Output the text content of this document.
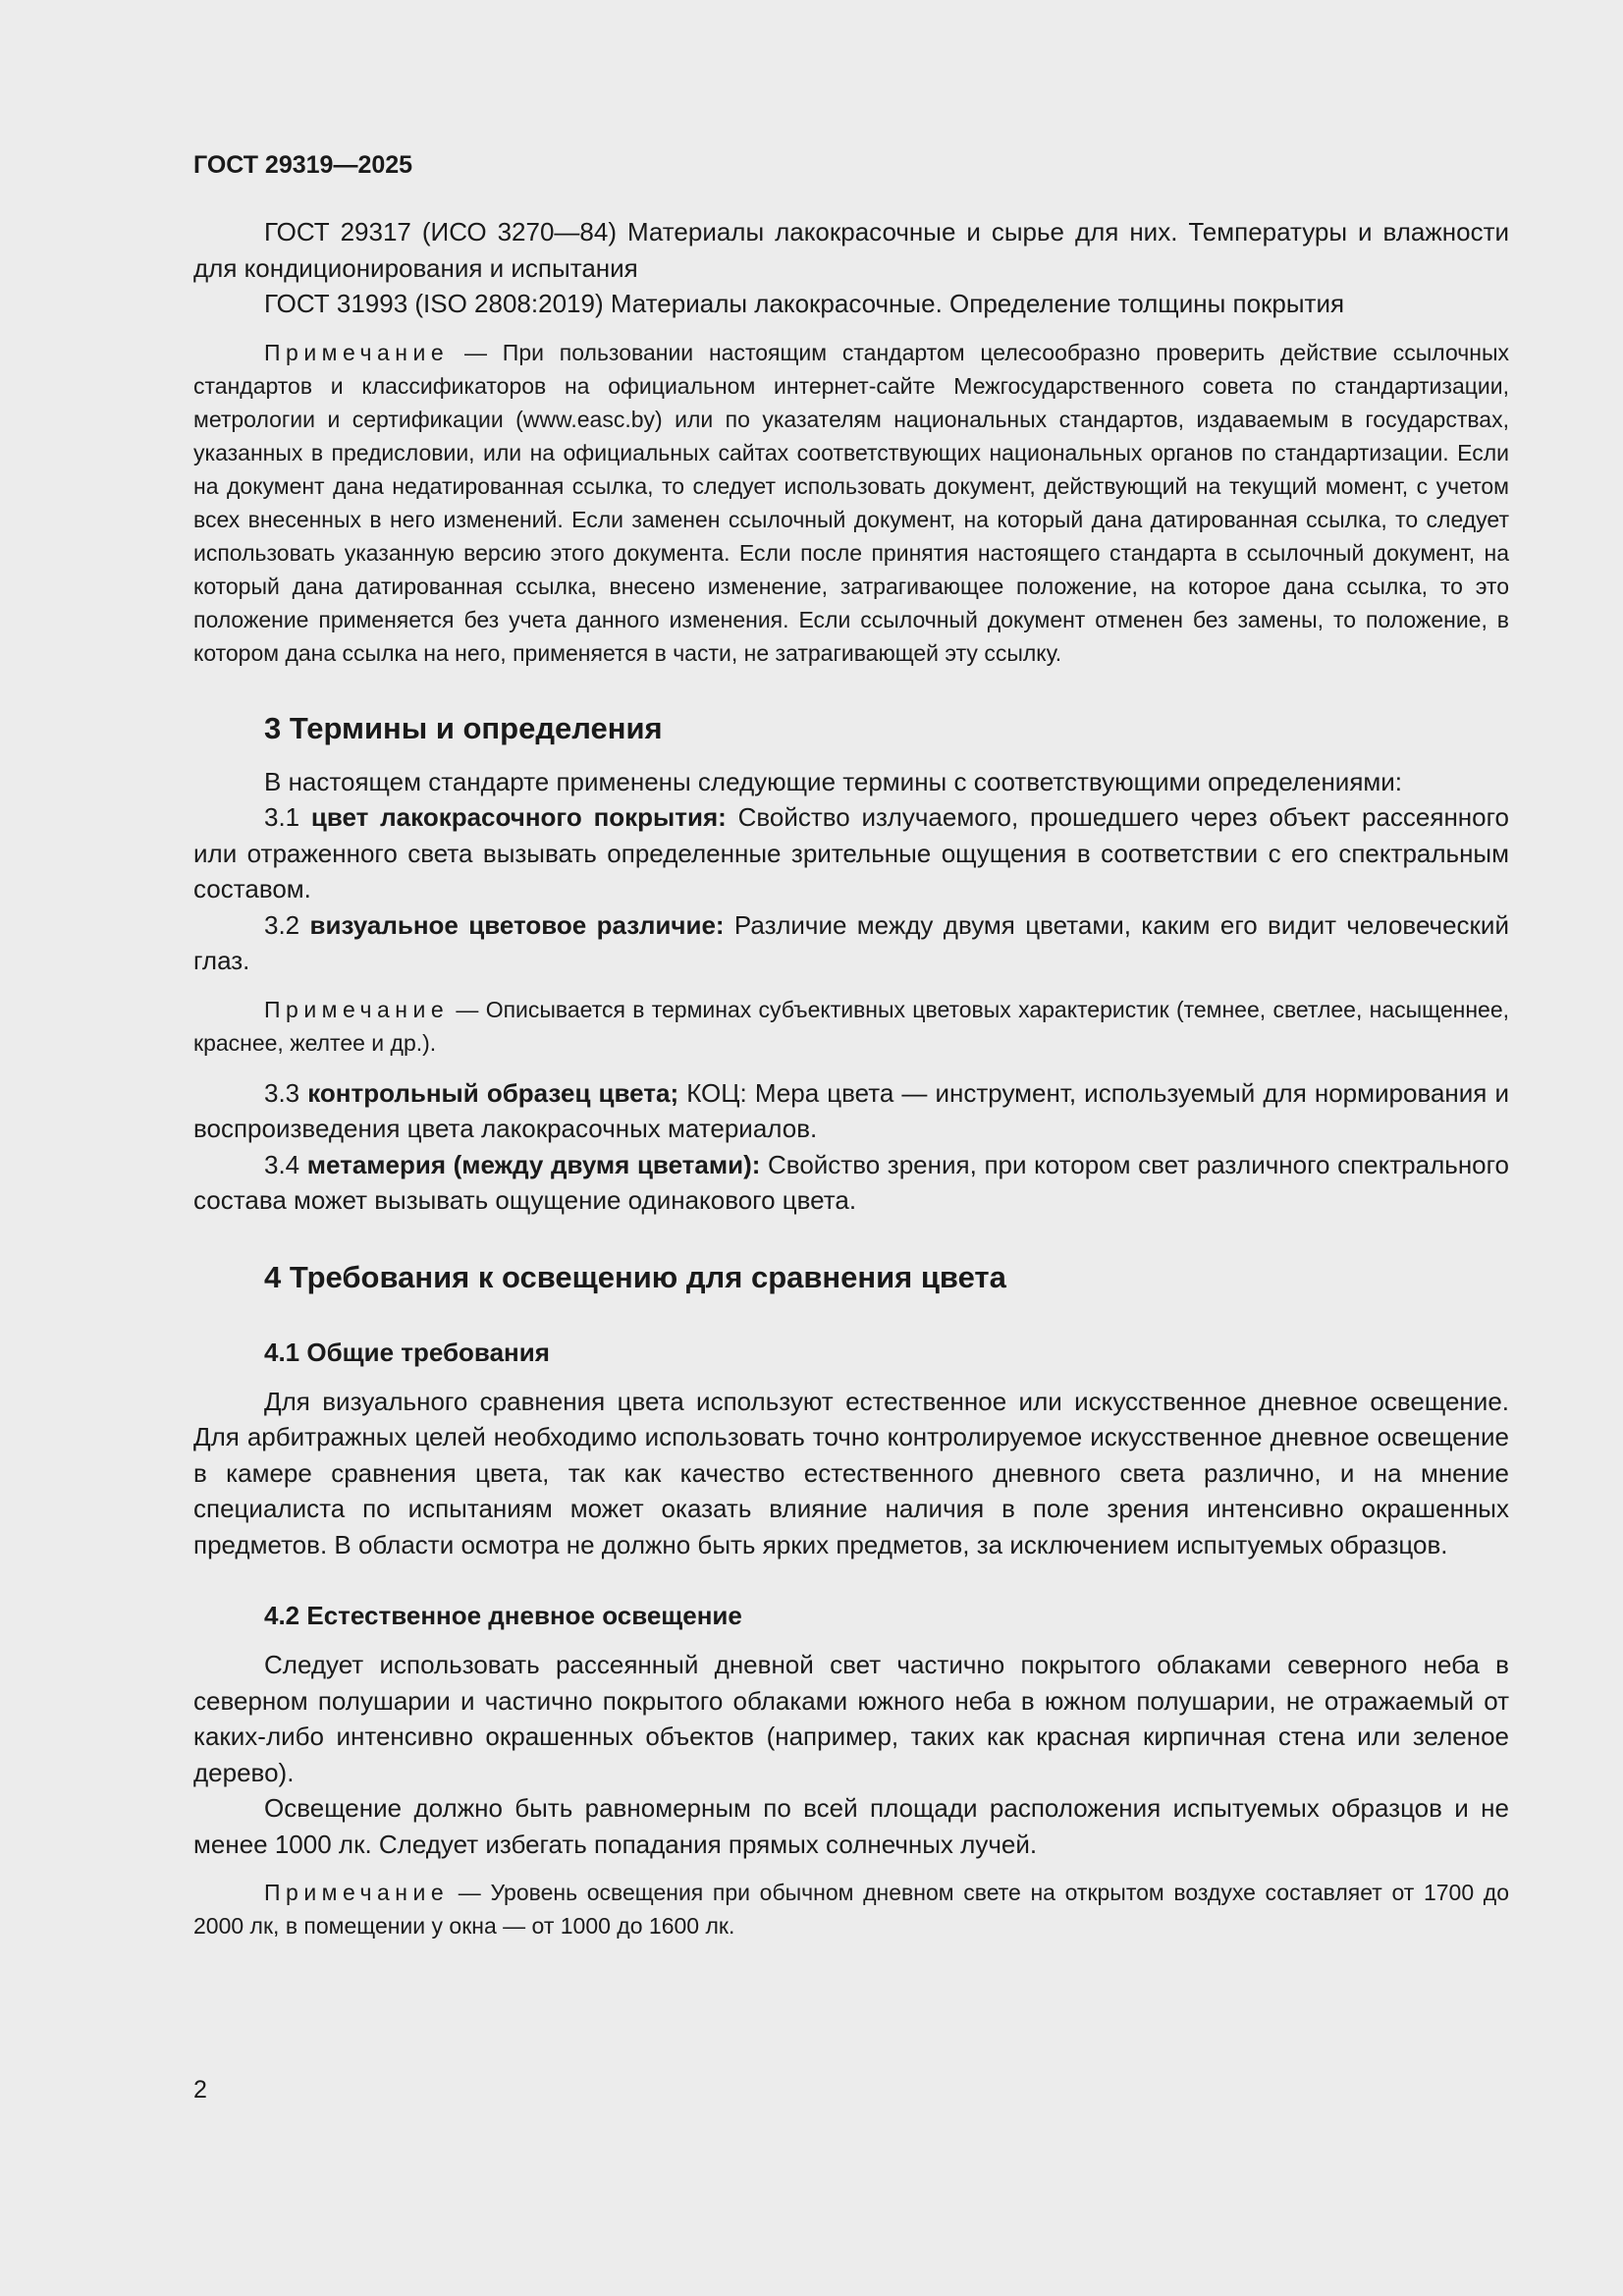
ГОСТ 29319—2025

ГОСТ 29317 (ИСО 3270—84) Материалы лакокрасочные и сырье для них. Температуры и влажности для кондиционирования и испытания

ГОСТ 31993 (ISO 2808:2019) Материалы лакокрасочные. Определение толщины покрытия

Примечание — При пользовании настоящим стандартом целесообразно проверить действие ссылочных стандартов и классификаторов на официальном интернет-сайте Межгосударственного совета по стандартизации, метрологии и сертификации (www.easc.by) или по указателям национальных стандартов, издаваемым в государствах, указанных в предисловии, или на официальных сайтах соответствующих национальных органов по стандартизации. Если на документ дана недатированная ссылка, то следует использовать документ, действующий на текущий момент, с учетом всех внесенных в него изменений. Если заменен ссылочный документ, на который дана датированная ссылка, то следует использовать указанную версию этого документа. Если после принятия настоящего стандарта в ссылочный документ, на который дана датированная ссылка, внесено изменение, затрагивающее положение, на которое дана ссылка, то это положение применяется без учета данного изменения. Если ссылочный документ отменен без замены, то положение, в котором дана ссылка на него, применяется в части, не затрагивающей эту ссылку.

3 Термины и определения

В настоящем стандарте применены следующие термины с соответствующими определениями:

3.1 цвет лакокрасочного покрытия: Свойство излучаемого, прошедшего через объект рассеянного или отраженного света вызывать определенные зрительные ощущения в соответствии с его спектральным составом.

3.2 визуальное цветовое различие: Различие между двумя цветами, каким его видит человеческий глаз.

Примечание — Описывается в терминах субъективных цветовых характеристик (темнее, светлее, насыщеннее, краснее, желтее и др.).

3.3 контрольный образец цвета; КОЦ: Мера цвета — инструмент, используемый для нормирования и воспроизведения цвета лакокрасочных материалов.

3.4 метамерия (между двумя цветами): Свойство зрения, при котором свет различного спектрального состава может вызывать ощущение одинакового цвета.

4 Требования к освещению для сравнения цвета
4.1 Общие требования

Для визуального сравнения цвета используют естественное или искусственное дневное освещение. Для арбитражных целей необходимо использовать точно контролируемое искусственное дневное освещение в камере сравнения цвета, так как качество естественного дневного света различно, и на мнение специалиста по испытаниям может оказать влияние наличия в поле зрения интенсивно окрашенных предметов. В области осмотра не должно быть ярких предметов, за исключением испытуемых образцов.

4.2 Естественное дневное освещение

Следует использовать рассеянный дневной свет частично покрытого облаками северного неба в северном полушарии и частично покрытого облаками южного неба в южном полушарии, не отражаемый от каких-либо интенсивно окрашенных объектов (например, таких как красная кирпичная стена или зеленое дерево).

Освещение должно быть равномерным по всей площади расположения испытуемых образцов и не менее 1000 лк. Следует избегать попадания прямых солнечных лучей.

Примечание — Уровень освещения при обычном дневном свете на открытом воздухе составляет от 1700 до 2000 лк, в помещении у окна — от 1000 до 1600 лк.

2
